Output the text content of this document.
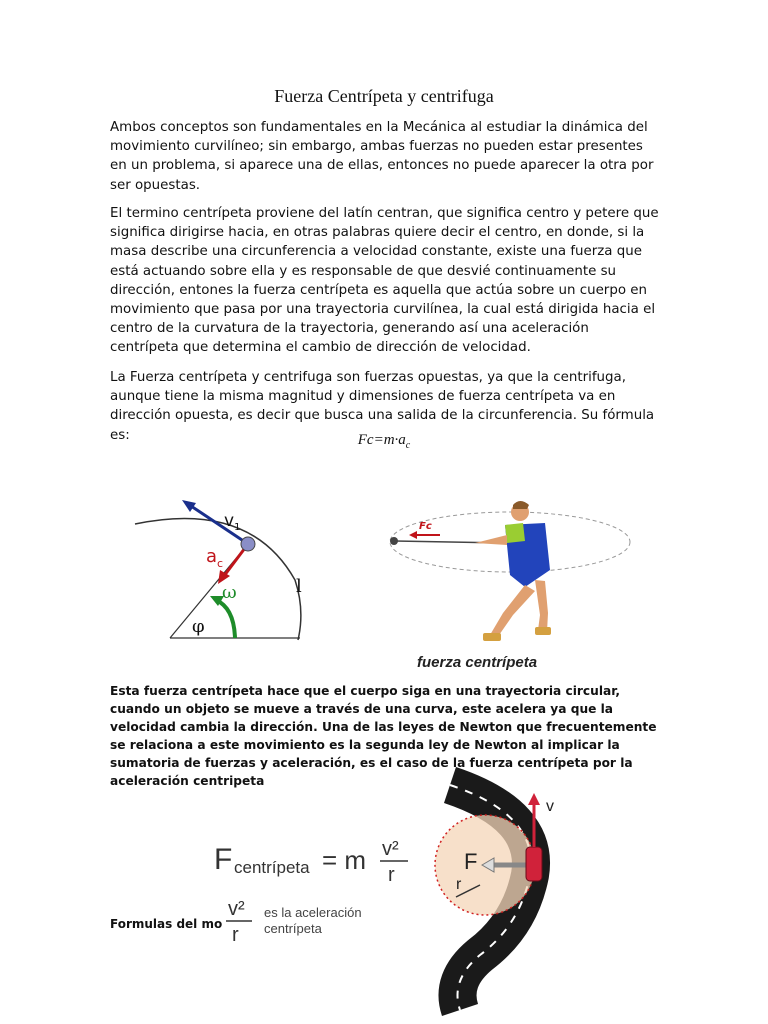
Fuerza Centrípeta y centrifuga
Ambos conceptos son fundamentales en la Mecánica al estudiar la dinámica del movimiento curvilíneo; sin embargo, ambas fuerzas no pueden estar presentes en un problema, si aparece una de ellas, entonces no puede aparecer la otra por ser opuestas.
El termino centrípeta proviene del latín centran, que significa centro y petere que significa dirigirse hacia, en otras palabras quiere decir el centro, en donde, si la masa describe una circunferencia a velocidad constante, existe una fuerza que está actuando sobre ella y es responsable de que desvié continuamente su dirección, entones la fuerza centrípeta es aquella que actúa sobre un cuerpo en movimiento que pasa por una trayectoria curvilínea, la cual está dirigida hacia el centro de la curvatura de la trayectoria, generando así una aceleración centrípeta que determina el cambio de dirección de velocidad.
La Fuerza centrípeta y centrifuga son fuerzas opuestas, ya que la centrifuga, aunque tiene la misma magnitud y dimensiones de fuerza centrípeta va en dirección opuesta, es decir que busca una salida de la circunferencia. Su fórmula es:	$Fc=m\cdot a_c$
$v_1$
$a_c$
ω
φ
l
Fc
fuerza centrípeta
Esta fuerza centrípeta hace que el cuerpo siga en una trayectoria circular, cuando un objeto se mueve a través de una curva, este acelera ya que la velocidad cambia la dirección. Una de las leyes de Newton que frecuentemente se relaciona a este movimiento es la segunda ley de Newton al implicar la sumatoria de fuerzas y aceleración, es el caso de la fuerza centrípeta por la aceleración centripeta
F centrípeta = m v²
r
v²
r
es la aceleración
centrípeta
Formulas del mo
v
F
r
